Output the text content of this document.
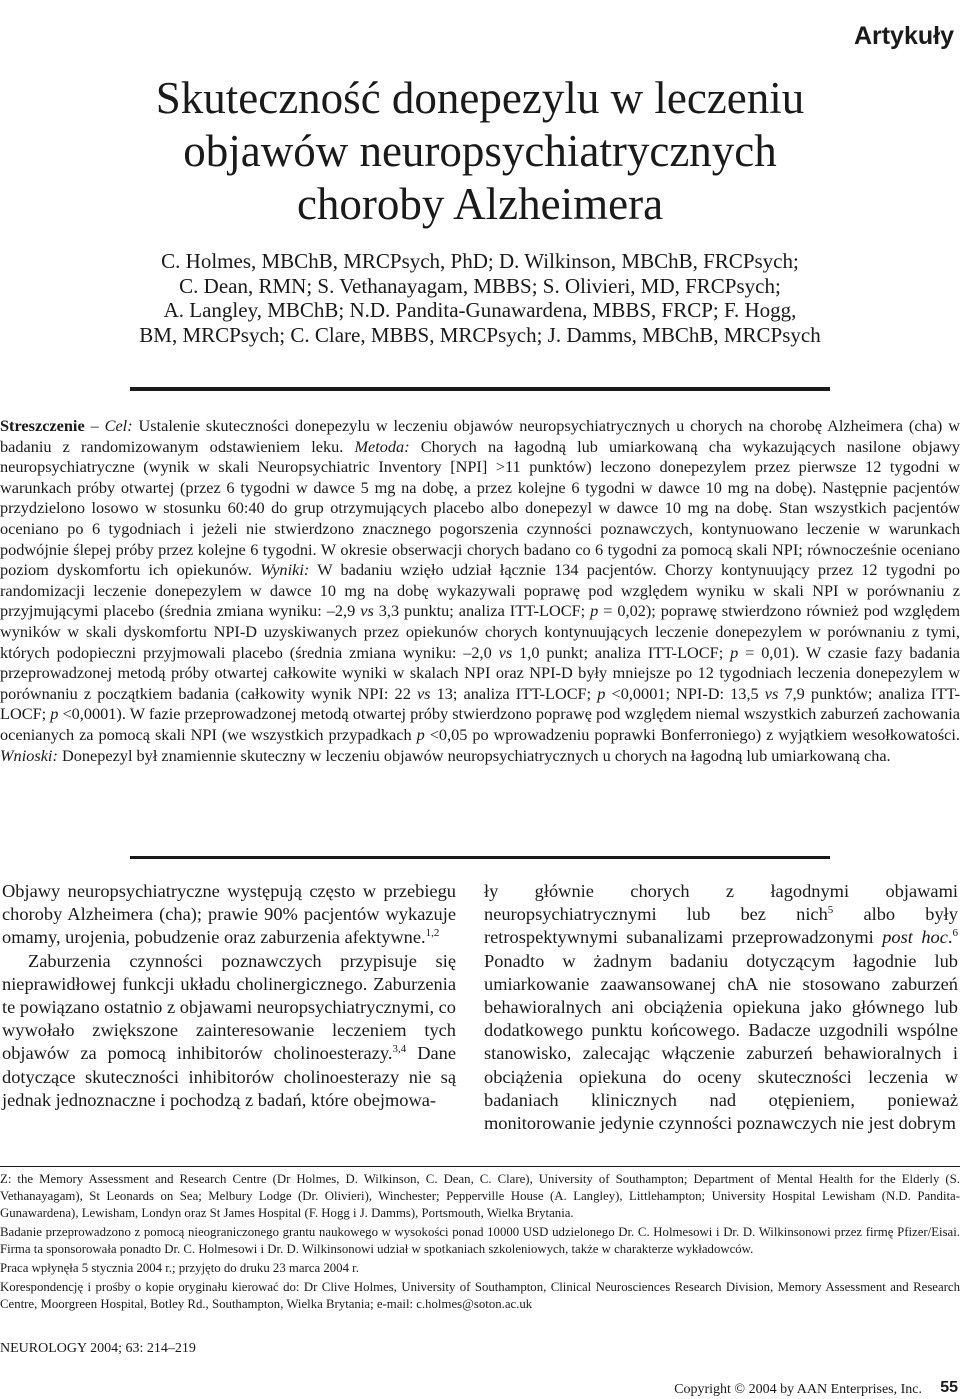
Artykuły
Skuteczność donepezylu w leczeniu
objawów neuropsychiatrycznych
choroby Alzheimera
C. Holmes, MBChB, MRCPsych, PhD; D. Wilkinson, MBChB, FRCPsych;
C. Dean, RMN; S. Vethanayagam, MBBS; S. Olivieri, MD, FRCPsych;
A. Langley, MBChB; N.D. Pandita-Gunawardena, MBBS, FRCP; F. Hogg,
BM, MRCPsych; C. Clare, MBBS, MRCPsych; J. Damms, MBChB, MRCPsych

Streszczenie – Cel: Ustalenie skuteczności donepezylu w leczeniu objawów neuropsychiatrycznych u chorych na chorobę Alzheimera (cha) w badaniu z randomizowanym odstawieniem leku. Metoda: Chorych na łagodną lub umiarkowaną cha wykazujących nasilone objawy neuropsychiatryczne (wynik w skali Neuropsychiatric Inventory [NPI] >11 punktów) leczono donepezylem przez pierwsze 12 tygodni w warunkach próby otwartej (przez 6 tygodni w dawce 5 mg na dobę, a przez kolejne 6 tygodni w dawce 10 mg na dobę). Następnie pacjentów przydzielono losowo w stosunku 60:40 do grup otrzymujących placebo albo donepezyl w dawce 10 mg na dobę. Stan wszystkich pacjentów oceniano po 6 tygodniach i jeżeli nie stwierdzono znacznego pogorszenia czynności poznawczych, kontynuowano leczenie w warunkach podwójnie ślepej próby przez kolejne 6 tygodni. W okresie obserwacji chorych badano co 6 tygodni za pomocą skali NPI; równocześnie oceniano poziom dyskomfortu ich opiekunów. Wyniki: W badaniu wzięło udział łącznie 134 pacjentów. Chorzy kontynuujący przez 12 tygodni po randomizacji leczenie donepezylem w dawce 10 mg na dobę wykazywali poprawę pod względem wyniku w skali NPI w porównaniu z przyjmującymi placebo (średnia zmiana wyniku: –2,9 vs 3,3 punktu; analiza ITT-LOCF; p = 0,02); poprawę stwierdzono również pod względem wyników w skali dyskomfortu NPI-D uzyskiwanych przez opiekunów chorych kontynuujących leczenie donepezylem w porównaniu z tymi, których podopieczni przyjmowali placebo (średnia zmiana wyniku: –2,0 vs 1,0 punkt; analiza ITT-LOCF; p = 0,01). W czasie fazy badania przeprowadzonej metodą próby otwartej całkowite wyniki w skalach NPI oraz NPI-D były mniejsze po 12 tygodniach leczenia donepezylem w porównaniu z początkiem badania (całkowity wynik NPI: 22 vs 13; analiza ITT-LOCF; p <0,0001; NPI-D: 13,5 vs 7,9 punktów; analiza ITT-LOCF; p <0,0001). W fazie przeprowadzonej metodą otwartej próby stwierdzono poprawę pod względem niemal wszystkich zaburzeń zachowania ocenianych za pomocą skali NPI (we wszystkich przypadkach p <0,05 po wprowadzeniu poprawki Bonferroniego) z wyjątkiem wesołkowatości. Wnioski: Donepezyl był znamiennie skuteczny w leczeniu objawów neuropsychiatrycznych u chorych na łagodną lub umiarkowaną cha.

Objawy neuropsychiatryczne występują często w przebiegu choroby Alzheimera (cha); prawie 90% pacjentów wykazuje omamy, urojenia, pobudzenie oraz zaburzenia afektywne.$^{1,2}$

Zaburzenia czynności poznawczych przypisuje się nieprawidłowej funkcji układu cholinergicznego. Zaburzenia te powiązano ostatnio z objawami neuropsychiatrycznymi, co wywołało zwiększone zainteresowanie leczeniem tych objawów za pomocą inhibitorów cholinoesterazy.$^{3,4}$ Dane dotyczące skuteczności inhibitorów cholinoesterazy nie są jednak jednoznaczne i pochodzą z badań, które obejmowa-

ły głównie chorych z łagodnymi objawami neuropsychiatrycznymi lub bez nich$^5$ albo były retrospektywnymi subanalizami przeprowadzonymi post hoc.$^6$ Ponadto w żadnym badaniu dotyczącym łagodnie lub umiarkowanie zaawansowanej chA nie stosowano zaburzeń behawioralnych ani obciążenia opiekuna jako głównego lub dodatkowego punktu końcowego. Badacze uzgodnili wspólne stanowisko, zalecając włączenie zaburzeń behawioralnych i obciążenia opiekuna do oceny skuteczności leczenia w badaniach klinicznych nad otępieniem, ponieważ monitorowanie jedynie czynności poznawczych nie jest dobrym

Z: the Memory Assessment and Research Centre (Dr Holmes, D. Wilkinson, C. Dean, C. Clare), University of Southampton; Department of Mental Health for the Elderly (S. Vethanayagam), St Leonards on Sea; Melbury Lodge (Dr. Olivieri), Winchester; Pepperville House (A. Langley), Littlehampton; University Hospital Lewisham (N.D. Pandita-Gunawardena), Lewisham, Londyn oraz St James Hospital (F. Hogg i J. Damms), Portsmouth, Wielka Brytania.

Badanie przeprowadzono z pomocą nieograniczonego grantu naukowego w wysokości ponad 10000 USD udzielonego Dr. C. Holmesowi i Dr. D. Wilkinsonowi przez firmę Pfizer/Eisai. Firma ta sponsorowała ponadto Dr. C. Holmesowi i Dr. D. Wilkinsonowi udział w spotkaniach szkoleniowych, także w charakterze wykładowców.

Praca wpłynęła 5 stycznia 2004 r.; przyjęto do druku 23 marca 2004 r.

Korespondencję i prośby o kopie oryginału kierować do: Dr Clive Holmes, University of Southampton, Clinical Neurosciences Research Division, Memory Assessment and Research Centre, Moorgreen Hospital, Botley Rd., Southampton, Wielka Brytania; e-mail: c.holmes@soton.ac.uk

NEUROLOGY 2004; 63: 214–219
Copyright © 2004 by AAN Enterprises, Inc. 55
